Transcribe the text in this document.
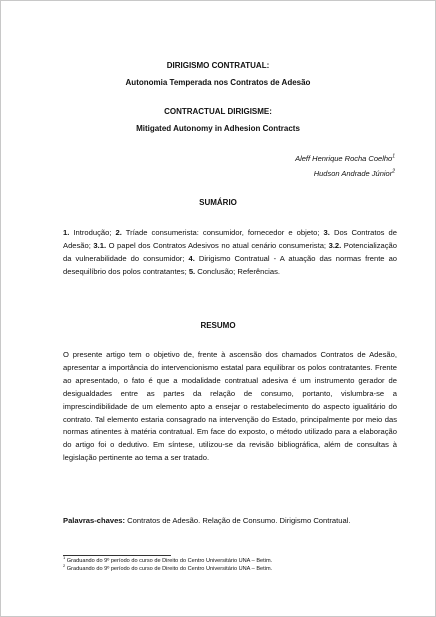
DIRIGISMO CONTRATUAL:
Autonomia Temperada nos Contratos de Adesão
CONTRACTUAL DIRIGISME:
Mitigated Autonomy in Adhesion Contracts
Aleff Henrique Rocha Coelho$^1$
Hudson Andrade Júnior$^2$
SUMÁRIO
1. Introdução; 2. Tríade consumerista: consumidor, fornecedor e objeto; 3. Dos Contratos de Adesão; 3.1. O papel dos Contratos Adesivos no atual cenário consumerista; 3.2. Potencialização da vulnerabilidade do consumidor; 4. Dirigismo Contratual - A atuação das normas frente ao desequilíbrio dos polos contratantes; 5. Conclusão; Referências.
RESUMO
O presente artigo tem o objetivo de, frente à ascensão dos chamados Contratos de Adesão, apresentar a importância do intervencionismo estatal para equilibrar os polos contratantes. Frente ao apresentado, o fato é que a modalidade contratual adesiva é um instrumento gerador de desigualdades entre as partes da relação de consumo, portanto, vislumbra-se a imprescindibilidade de um elemento apto a ensejar o restabelecimento do aspecto igualitário do contrato. Tal elemento estaria consagrado na intervenção do Estado, principalmente por meio das normas atinentes à matéria contratual. Em face do exposto, o método utilizado para a elaboração do artigo foi o dedutivo. Em síntese, utilizou-se da revisão bibliográfica, além de consultas à legislação pertinente ao tema a ser tratado.
Palavras-chaves: Contratos de Adesão. Relação de Consumo. Dirigismo Contratual.
$^1$ Graduando do 9º período do curso de Direito do Centro Universitário UNA – Betim.
$^2$ Graduando do 9º período do curso de Direito do Centro Universitário UNA – Betim.
